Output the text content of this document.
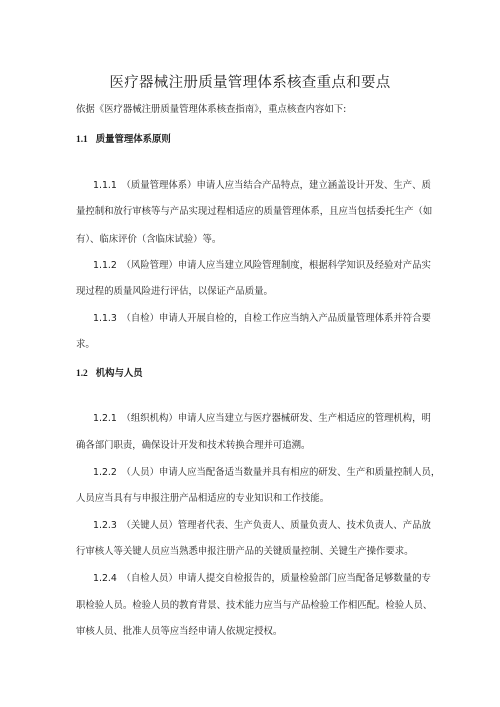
医疗器械注册质量管理体系核查重点和要点
依据《医疗器械注册质量管理体系核查指南》，重点核查内容如下:
1.1 质量管理体系原则
1.1.1　（质量管理体系）申请人应当结合产品特点，建立涵盖设计开发、生产、质
量控制和放行审核等与产品实现过程相适应的质量管理体系，且应当包括委托生产（如
有）、临床评价（含临床试验）等。
1.1.2　（风险管理）申请人应当建立风险管理制度，根据科学知识及经验对产品实
现过程的质量风险进行评估，以保证产品质量。
1.1.3　（自检）申请人开展自检的，自检工作应当纳入产品质量管理体系并符合要
求。
1.2 机构与人员
1.2.1　（组织机构）申请人应当建立与医疗器械研发、生产相适应的管理机构，明
确各部门职责，确保设计开发和技术转换合理并可追溯。
1.2.2　（人员）申请人应当配备适当数量并具有相应的研发、生产和质量控制人员，
人员应当具有与申报注册产品相适应的专业知识和工作技能。
1.2.3　（关键人员）管理者代表、生产负责人、质量负责人、技术负责人、产品放
行审核人等关键人员应当熟悉申报注册产品的关键质量控制、关键生产操作要求。
1.2.4　（自检人员）申请人提交自检报告的，质量检验部门应当配备足够数量的专
职检验人员。检验人员的教育背景、技术能力应当与产品检验工作相匹配。检验人员、
审核人员、批准人员等应当经申请人依规定授权。
